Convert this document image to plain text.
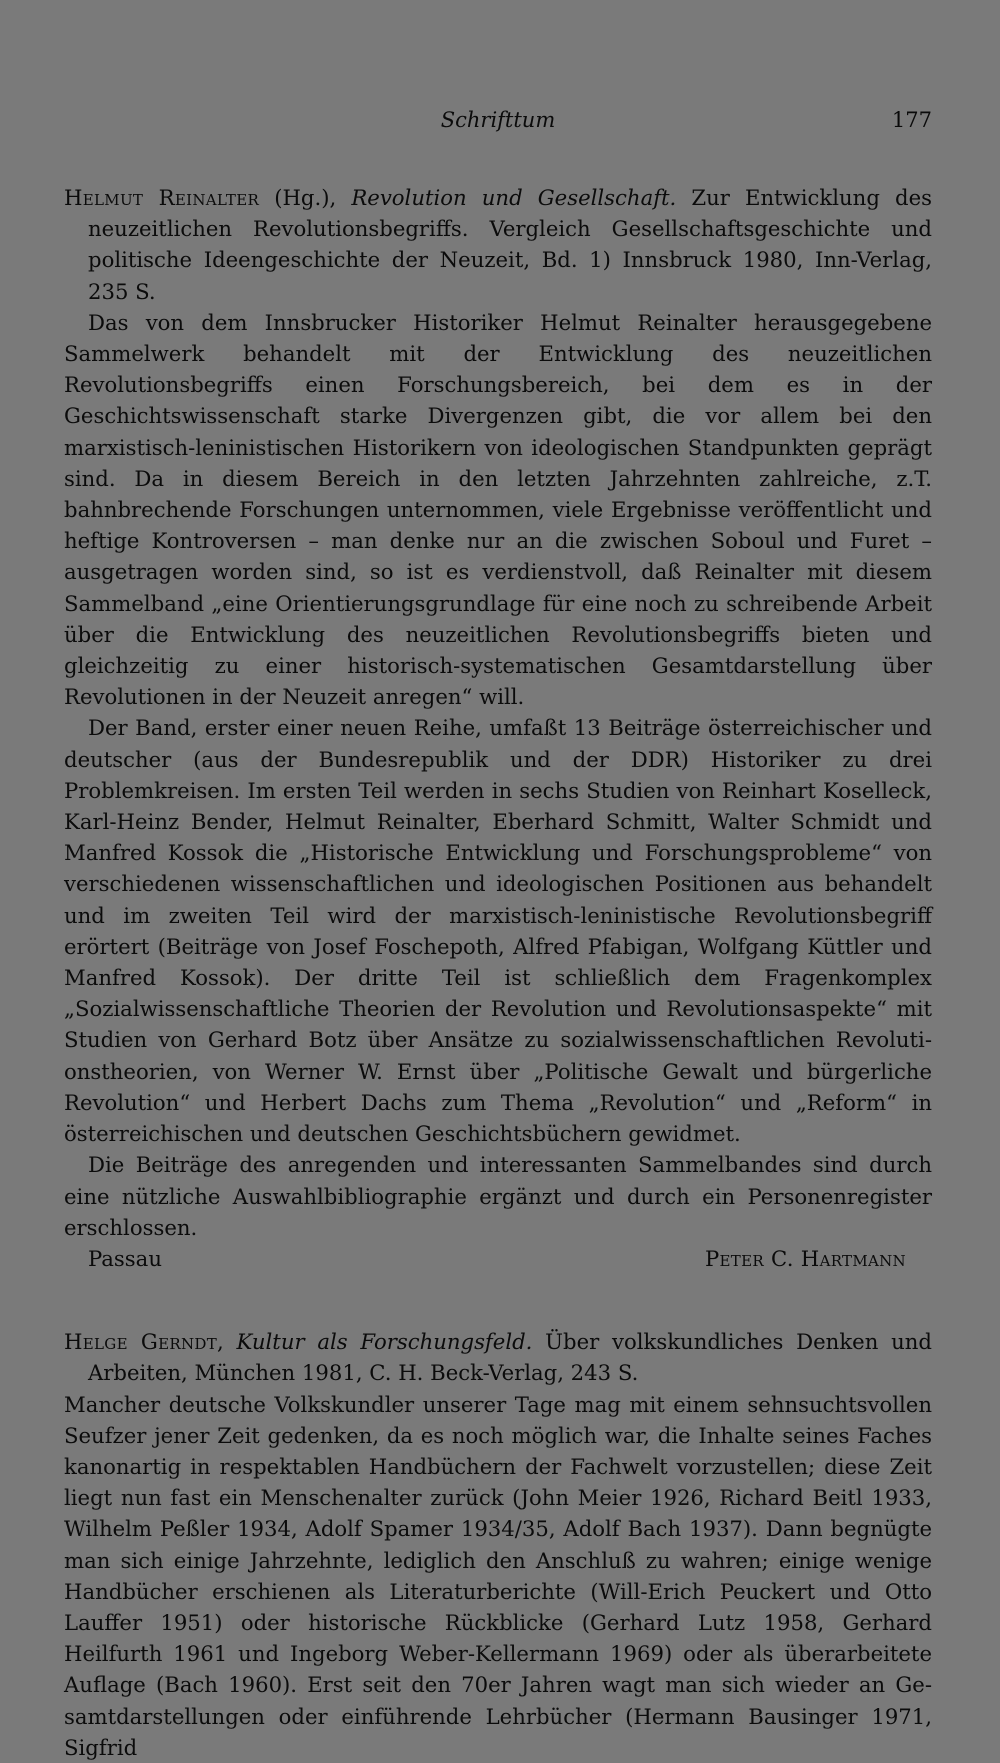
Schrifttum	177

Helmut Reinalter (Hg.), Revolution und Gesellschaft. Zur Entwicklung des neuzeitlichen Revolutionsbegriffs. Vergleich Gesellschaftsgeschichte und politische Ideengeschichte der Neuzeit, Bd. 1) Innsbruck 1980, Inn-Verlag, 235 S.

Das von dem Innsbrucker Historiker Helmut Reinalter herausgegebene Sammelwerk behandelt mit der Entwicklung des neuzeitlichen Revolutionsbegriffs einen Forschungsbereich, bei dem es in der Geschichtswissenschaft starke Divergenzen gibt, die vor allem bei den marxistisch-leninistischen Historikern von ideologischen Standpunkten geprägt sind. Da in diesem Bereich in den letzten Jahrzehnten zahlreiche, z.T. bahnbrechende Forschungen unternommen, viele Ergebnisse veröffentlicht und heftige Kontroversen – man denke nur an die zwischen Soboul und Furet – ausgetragen worden sind, so ist es verdienstvoll, daß Reinalter mit diesem Sammelband „eine Orientierungsgrundlage für eine noch zu schreibende Arbeit über die Entwicklung des neuzeitlichen Revolutionsbegriffs bieten und gleichzeitig zu einer historisch-systematischen Gesamtdarstellung über Revolutionen in der Neuzeit anregen“ will.

Der Band, erster einer neuen Reihe, umfaßt 13 Beiträge österreichischer und deutscher (aus der Bundesrepublik und der DDR) Historiker zu drei Problemkreisen. Im ersten Teil werden in sechs Studien von Reinhart Koselleck, Karl-Heinz Bender, Helmut Reinalter, Eberhard Schmitt, Walter Schmidt und Manfred Kossok die „Historische Entwicklung und Forschungsprobleme“ von verschiedenen wissenschaftlichen und ideologischen Positionen aus behandelt und im zweiten Teil wird der marxistisch-leninistische Revolutionsbegriff erörtert (Beiträge von Josef Foschepoth, Alfred Pfabigan, Wolfgang Küttler und Manfred Kossok). Der dritte Teil ist schließlich dem Fragenkomplex „Sozialwissenschaftliche Theorien der Revolution und Revolutionsaspekte“ mit Studien von Gerhard Botz über Ansätze zu sozialwissenschaftlichen Revolutionstheorien, von Werner W. Ernst über „Politische Gewalt und bürgerliche Revolution“ und Herbert Dachs zum Thema „Revolution“ und „Reform“ in österreichischen und deutschen Geschichtsbüchern gewidmet.

Die Beiträge des anregenden und interessanten Sammelbandes sind durch eine nützliche Auswahlbibliographie ergänzt und durch ein Personenregister erschlossen.

Passau	Peter C. Hartmann

Helge Gerndt, Kultur als Forschungsfeld. Über volkskundliches Denken und Arbeiten, München 1981, C. H. Beck-Verlag, 243 S.

Mancher deutsche Volkskundler unserer Tage mag mit einem sehnsuchtsvollen Seufzer jener Zeit gedenken, da es noch möglich war, die Inhalte seines Faches kanonartig in respektablen Handbüchern der Fachwelt vorzustellen; diese Zeit liegt nun fast ein Menschenalter zurück (John Meier 1926, Richard Beitl 1933, Wilhelm Peßler 1934, Adolf Spamer 1934/35, Adolf Bach 1937). Dann begnügte man sich einige Jahrzehnte, lediglich den Anschluß zu wahren; einige wenige Handbücher erschienen als Literaturberichte (Will-Erich Peuckert und Otto Lauffer 1951) oder historische Rückblicke (Gerhard Lutz 1958, Gerhard Heilfurth 1961 und Ingeborg Weber-Kellermann 1969) oder als überarbeitete Auflage (Bach 1960). Erst seit den 70er Jahren wagt man sich wieder an Gesamtdarstellungen oder einführende Lehrbücher (Hermann Bausinger 1971, Sigfrid
